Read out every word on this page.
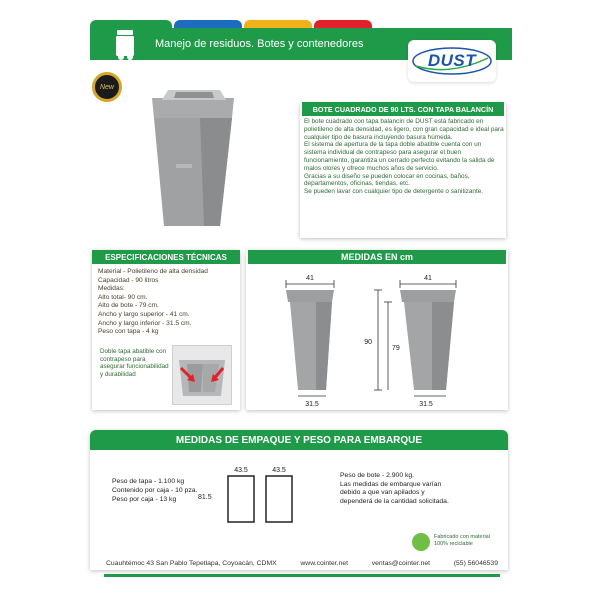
Manejo de residuos. Botes y contenedores
DUST
New
BOTE CUADRADO DE 90 LTS. CON TAPA BALANCÍN

El bote cuadrado con tapa balancín de DUST está fabricado en polietileno de alta densidad, es ligero, con gran capacidad e ideal para cualquier tipo de basura incluyendo basura húmeda.

El sistema de apertura de la tapa doble abatible cuenta con un sistema individual de contrapeso para asegurar el buen funcionamiento, garantiza un cerrado perfecto evitando la salida de malos olores y ofrece muchos años de servicio.

Gracias a su diseño se pueden colocar en cocinas, baños, departamentos, oficinas, tiendas, etc.

Se pueden lavar con cualquier tipo de detergente o sanitizante.

ESPECIFICACIONES TÉCNICAS
Material - Polietileno de alta densidad
Capacidad - 90 litros
Medidas:
Alto total- 90 cm.
Alto de bote - 79 cm.
Ancho y largo superior - 41 cm.
Ancho y largo inferior - 31.5 cm.
Peso con tapa - 4 kg
Doble tapa abatible con contrapeso para asegurar funcionabilidad y durabilidad
MEDIDAS EN cm
41
31.5
41
31.5
90
79
MEDIDAS DE EMPAQUE Y PESO PARA EMBARQUE
Peso de tapa - 1.100 kg
Contenido por caja - 10 pza.
Peso por caja - 13 kg
43.5	43.5
81.5
Peso de bote - 2.900 kg.
Las medidas de embarque varían
debido a que van apilados y
dependerá de la cantidad solicitada.
Fabricado con material 100% reciclable
Cuauhtémoc 43 San Pablo Tepetlapa, Coyoacán, CDMX	www.cointer.net	ventas@cointer.net	(55) 56046539
